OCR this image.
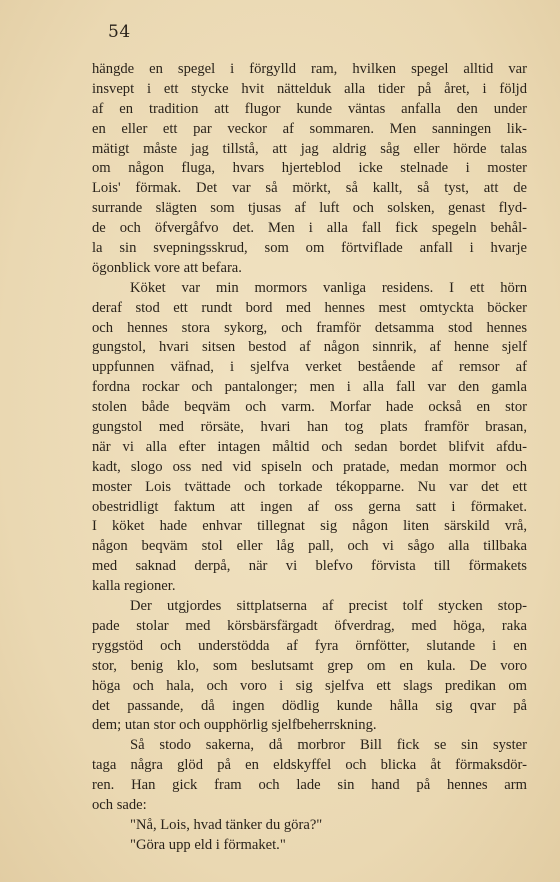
54
hängde en spegel i förgylld ram, hvilken spegel alltid var
insvept i ett stycke hvit nättelduk alla tider på året, i följd
af en tradition att flugor kunde väntas anfalla den under
en eller ett par veckor af sommaren. Men sanningen lik-
mätigt måste jag tillstå, att jag aldrig såg eller hörde talas
om någon fluga, hvars hjerteblod icke stelnade i moster
Lois' förmak. Det var så mörkt, så kallt, så tyst, att de
surrande slägten som tjusas af luft och solsken, genast flyd-
de och öfvergåfvo det. Men i alla fall fick spegeln behål-
la sin svepningsskrud, som om förtviflade anfall i hvarje
ögonblick vore att befara.
Köket var min mormors vanliga residens. I ett hörn
deraf stod ett rundt bord med hennes mest omtyckta böcker
och hennes stora sykorg, och framför detsamma stod hennes
gungstol, hvari sitsen bestod af någon sinnrik, af henne sjelf
uppfunnen väfnad, i sjelfva verket bestående af remsor af
fordna rockar och pantalonger; men i alla fall var den gamla
stolen både beqväm och varm. Morfar hade också en stor
gungstol med rörsäte, hvari han tog plats framför brasan,
när vi alla efter intagen måltid och sedan bordet blifvit afdu-
kadt, slogo oss ned vid spiseln och pratade, medan mormor och
moster Lois tvättade och torkade tékopparne. Nu var det ett
obestridligt faktum att ingen af oss gerna satt i förmaket.
I köket hade enhvar tillegnat sig någon liten särskild vrå,
någon beqväm stol eller låg pall, och vi sågo alla tillbaka
med saknad derpå, när vi blefvo förvista till förmakets
kalla regioner.
Der utgjordes sittplatserna af precist tolf stycken stop-
pade stolar med körsbärsfärgadt öfverdrag, med höga, raka
ryggstöd och understödda af fyra örnfötter, slutande i en
stor, benig klo, som beslutsamt grep om en kula. De voro
höga och hala, och voro i sig sjelfva ett slags predikan om
det passande, då ingen dödlig kunde hålla sig qvar på
dem; utan stor och oupphörlig sjelfbeherrskning.
Så stodo sakerna, då morbror Bill fick se sin syster
taga några glöd på en eldskyffel och blicka åt förmaksdör-
ren. Han gick fram och lade sin hand på hennes arm
och sade:
"Nå, Lois, hvad tänker du göra?"
"Göra upp eld i förmaket."
